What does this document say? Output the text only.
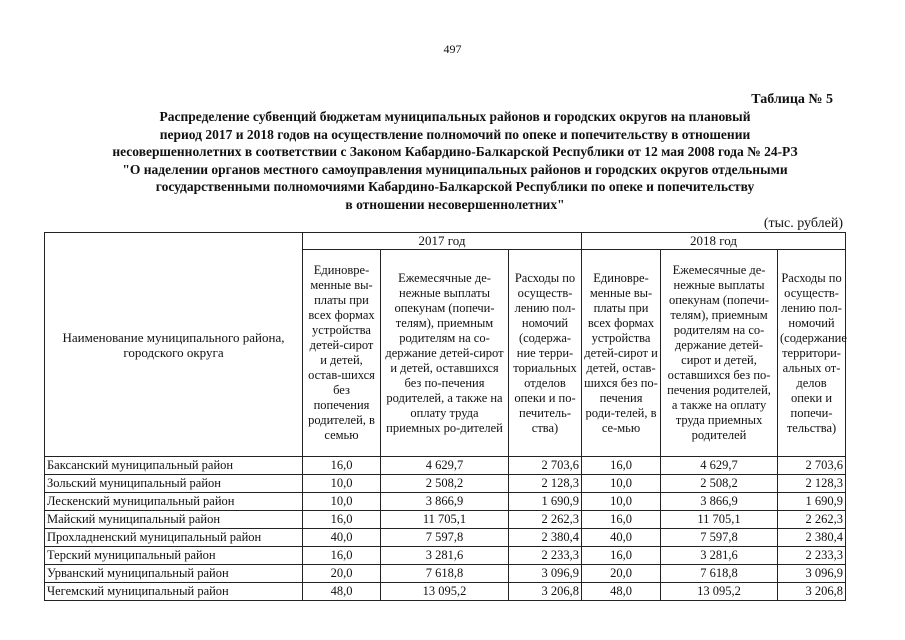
497
Таблица № 5
Распределение субвенций бюджетам муниципальных районов и городских округов на плановый
период 2017 и 2018 годов на осуществление полномочий по опеке и попечительству в отношении
несовершеннолетних в соответствии с Законом Кабардино-Балкарской Республики от 12 мая 2008 года № 24-РЗ
"О наделении органов местного самоуправления муниципальных районов и городских округов отдельными
государственными полномочиями Кабардино-Балкарской Республики по опеке и попечительству
в отношении несовершеннолетних"
(тыс. рублей)
Наименование муниципального района, городского округа	2017 год			2018 год		
	Единовре-менные вы-платы при всех формах устройства детей-сирот и детей, остав-шихся без попечения родителей, в семью	Ежемесячные де-нежные выплаты опекунам (попечи-телям), приемным родителям на со-держание детей-сирот и детей, оставшихся без по-печения родителей, а также на оплату труда приемных ро-дителей	Расходы по осуществ-лению пол-номочий (содержа-ние терри-ториальных отделов опеки и по-печитель-ства)	Единовре-менные вы-платы при всех формах устройства детей-сирот и детей, остав-шихся без по-печения роди-телей, в се-мью	Ежемесячные де-нежные выплаты опекунам (попечи-телям), приемным родителям на со-держание детей-сирот и детей, оставшихся без по-печения родителей, а также на оплату труда приемных родителей	Расходы по осуществ-лению пол-номочий (содержание территори-альных от-делов опеки и попечи-тельства)
Баксанский муниципальный район	16,0	4 629,7	2 703,6	16,0	4 629,7	2 703,6
Зольский муниципальный район	10,0	2 508,2	2 128,3	10,0	2 508,2	2 128,3
Лескенский муниципальный район	10,0	3 866,9	1 690,9	10,0	3 866,9	1 690,9
Майский муниципальный район	16,0	11 705,1	2 262,3	16,0	11 705,1	2 262,3
Прохладненский муниципальный район	40,0	7 597,8	2 380,4	40,0	7 597,8	2 380,4
Терский муниципальный район	16,0	3 281,6	2 233,3	16,0	3 281,6	2 233,3
Урванский муниципальный район	20,0	7 618,8	3 096,9	20,0	7 618,8	3 096,9
Чегемский муниципальный район	48,0	13 095,2	3 206,8	48,0	13 095,2	3 206,8
